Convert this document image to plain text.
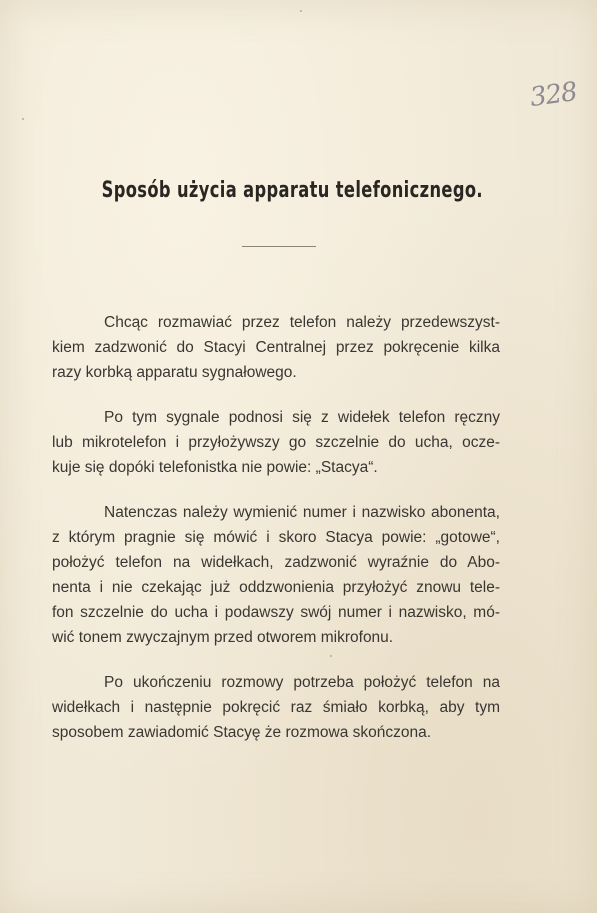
328
Sposób użycia apparatu telefonicznego.
Chcąc rozmawiać przez telefon należy przedewszyst-
kiem zadzwonić do Stacyi Centralnej przez pokręcenie kilka
razy korbką apparatu sygnałowego.
Po tym sygnale podnosi się z widełek telefon ręczny
lub mikrotelefon i przyłożywszy go szczelnie do ucha, ocze-
kuje się dopóki telefonistka nie powie: „Stacya“.
Natenczas należy wymienić numer i nazwisko abonenta,
z którym pragnie się mówić i skoro Stacya powie: „gotowe“,
położyć telefon na widełkach, zadzwonić wyraźnie do Abo-
nenta i nie czekając już oddzwonienia przyłożyć znowu tele-
fon szczelnie do ucha i podawszy swój numer i nazwisko, mó-
wić tonem zwyczajnym przed otworem mikrofonu.
Po ukończeniu rozmowy potrzeba położyć telefon na
widełkach i następnie pokręcić raz śmiało korbką, aby tym
sposobem zawiadomić Stacyę że rozmowa skończona.
